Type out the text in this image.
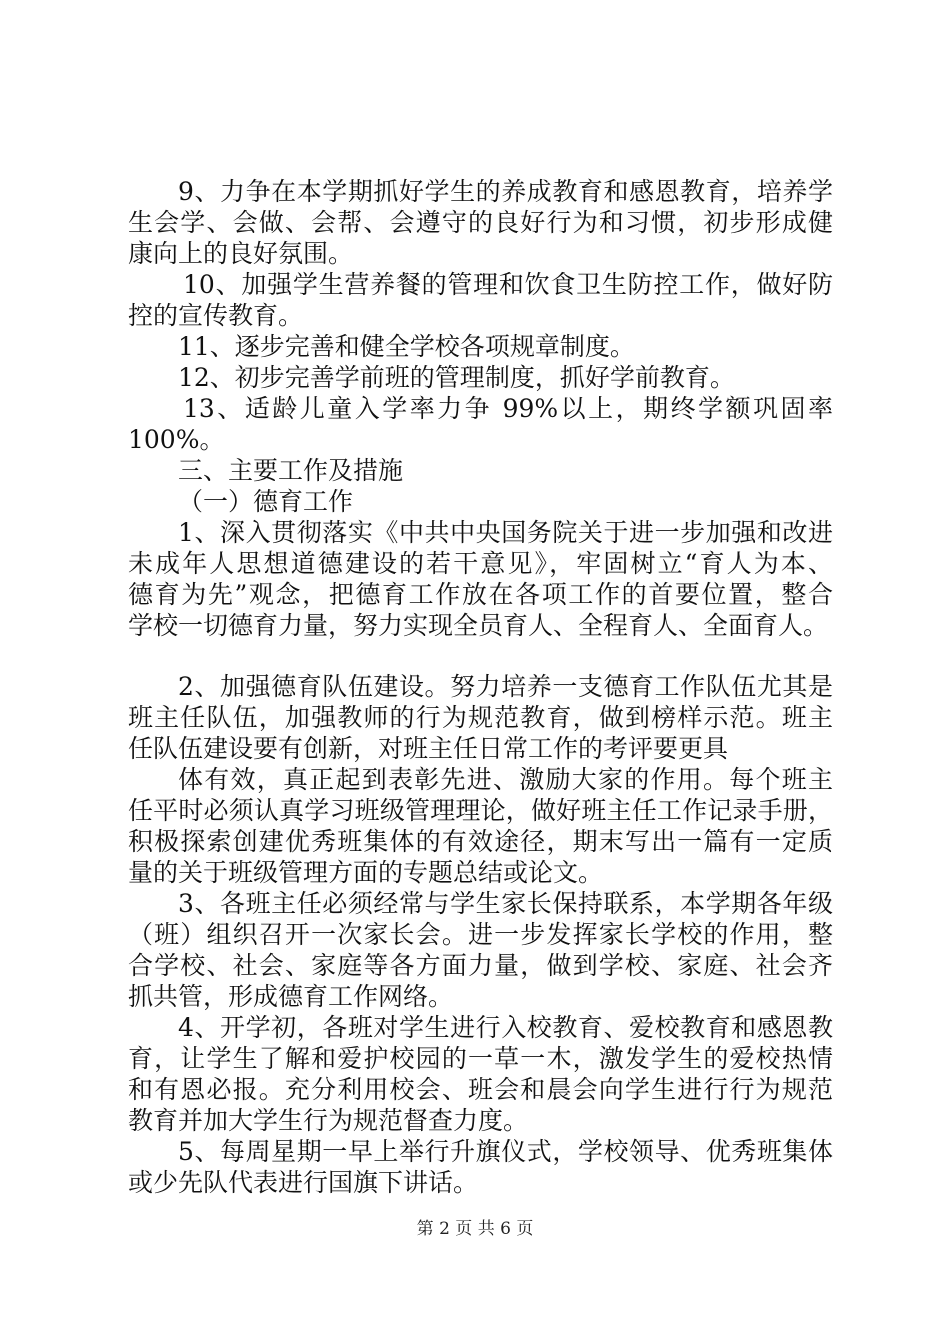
9、力争在本学期抓好学生的养成教育和感恩教育，培养学
生会学、会做、会帮、会遵守的良好行为和习惯，初步形成健
康向上的良好氛围。
10、加强学生营养餐的管理和饮食卫生防控工作，做好防
控的宣传教育。
11、逐步完善和健全学校各项规章制度。
12、初步完善学前班的管理制度，抓好学前教育。
13、适龄儿童入学率力争 99%以上，期终学额巩固率
100%。
三、主要工作及措施
（一）德育工作
1、深入贯彻落实《中共中央国务院关于进一步加强和改进
未成年人思想道德建设的若干意见》，牢固树立“育人为本、
德育为先”观念，把德育工作放在各项工作的首要位置，整合
学校一切德育力量，努力实现全员育人、全程育人、全面育人。
2、加强德育队伍建设。努力培养一支德育工作队伍尤其是
班主任队伍，加强教师的行为规范教育，做到榜样示范。班主
任队伍建设要有创新，对班主任日常工作的考评要更具
体有效，真正起到表彰先进、激励大家的作用。每个班主
任平时必须认真学习班级管理理论，做好班主任工作记录手册，
积极探索创建优秀班集体的有效途径，期末写出一篇有一定质
量的关于班级管理方面的专题总结或论文。
3、各班主任必须经常与学生家长保持联系，本学期各年级
（班）组织召开一次家长会。进一步发挥家长学校的作用，整
合学校、社会、家庭等各方面力量，做到学校、家庭、社会齐
抓共管，形成德育工作网络。
4、开学初，各班对学生进行入校教育、爱校教育和感恩教
育，让学生了解和爱护校园的一草一木，激发学生的爱校热情
和有恩必报。充分利用校会、班会和晨会向学生进行行为规范
教育并加大学生行为规范督查力度。
5、每周星期一早上举行升旗仪式，学校领导、优秀班集体
或少先队代表进行国旗下讲话。
第 2 页 共 6 页
